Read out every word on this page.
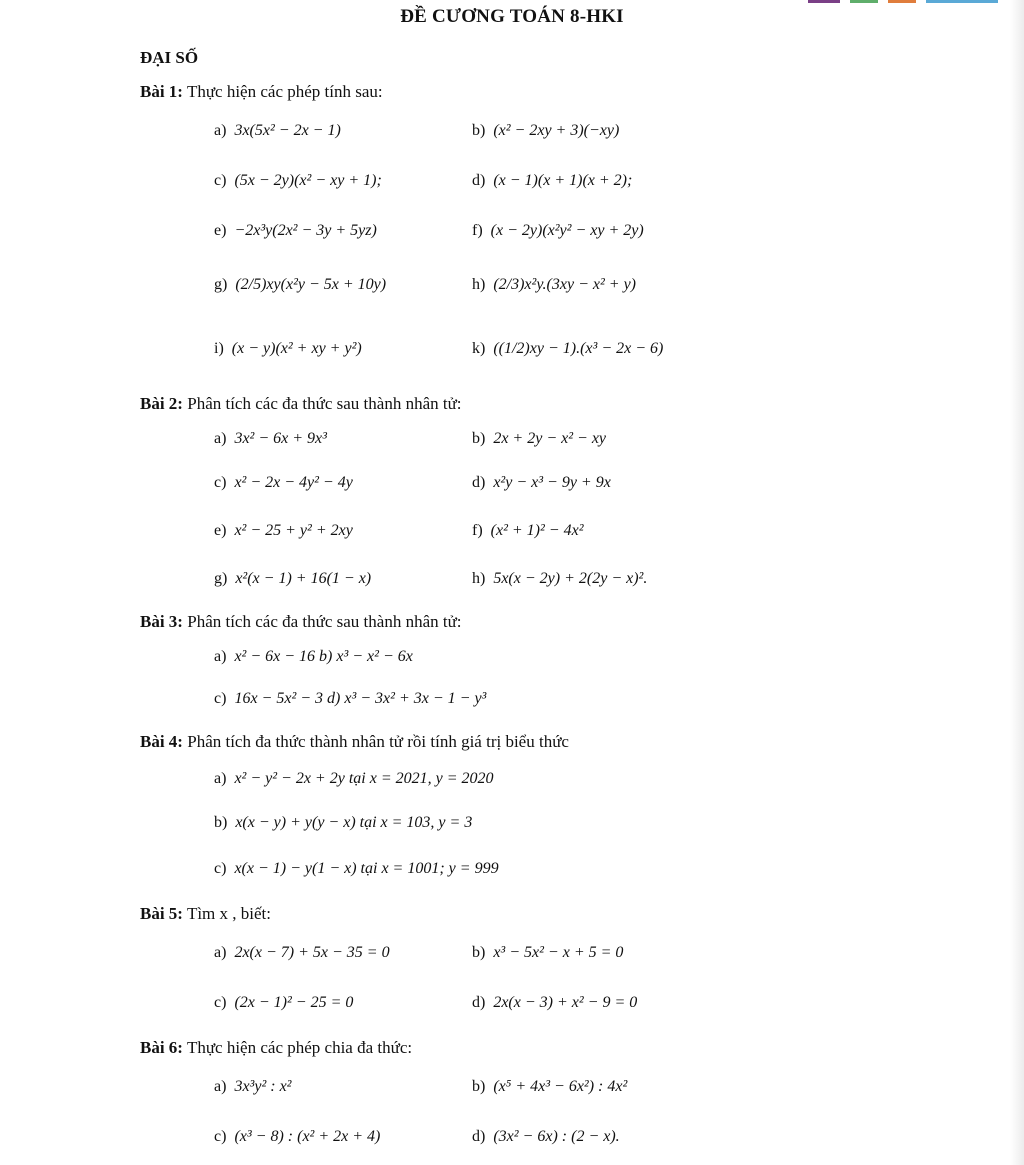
ĐỀ CƯƠNG TOÁN 8-HKI
ĐẠI SỐ
Bài 1: Thực hiện các phép tính sau:
a) 3x(5x² − 2x − 1)	b) (x² − 2xy + 3)(−xy)
c) (5x − 2y)(x² − xy + 1);	d) (x − 1)(x + 1)(x + 2);
e) −2x³y(2x² − 3y + 5yz)	f) (x − 2y)(x²y² − xy + 2y)
g) (2/5)xy(x²y − 5x + 10y)	h) (2/3)x²y.(3xy − x² + y)
i) (x − y)(x² + xy + y²)	k) ((1/2)xy − 1).(x³ − 2x − 6)
Bài 2: Phân tích các đa thức sau thành nhân tử:
a) 3x² − 6x + 9x³	b) 2x + 2y − x² − xy
c) x² − 2x − 4y² − 4y	d) x²y − x³ − 9y + 9x
e) x² − 25 + y² + 2xy	f) (x² + 1)² − 4x²
g) x²(x − 1) + 16(1 − x)	h) 5x(x − 2y) + 2(2y − x)².
Bài 3: Phân tích các đa thức sau thành nhân tử:
a) x² − 6x − 16 b) x³ − x² − 6x
c) 16x − 5x² − 3 d) x³ − 3x² + 3x − 1 − y³
Bài 4: Phân tích đa thức thành nhân tử rồi tính giá trị biểu thức
a) x² − y² − 2x + 2y tại x = 2021, y = 2020
b) x(x − y) + y(y − x) tại x = 103, y = 3
c) x(x − 1) − y(1 − x) tại x = 1001; y = 999
Bài 5: Tìm x , biết:
a) 2x(x − 7) + 5x − 35 = 0	b) x³ − 5x² − x + 5 = 0
c) (2x − 1)² − 25 = 0	d) 2x(x − 3) + x² − 9 = 0
Bài 6: Thực hiện các phép chia đa thức:
a) 3x³y² : x²	b) (x⁵ + 4x³ − 6x²) : 4x²
c) (x³ − 8) : (x² + 2x + 4)	d) (3x² − 6x) : (2 − x).
